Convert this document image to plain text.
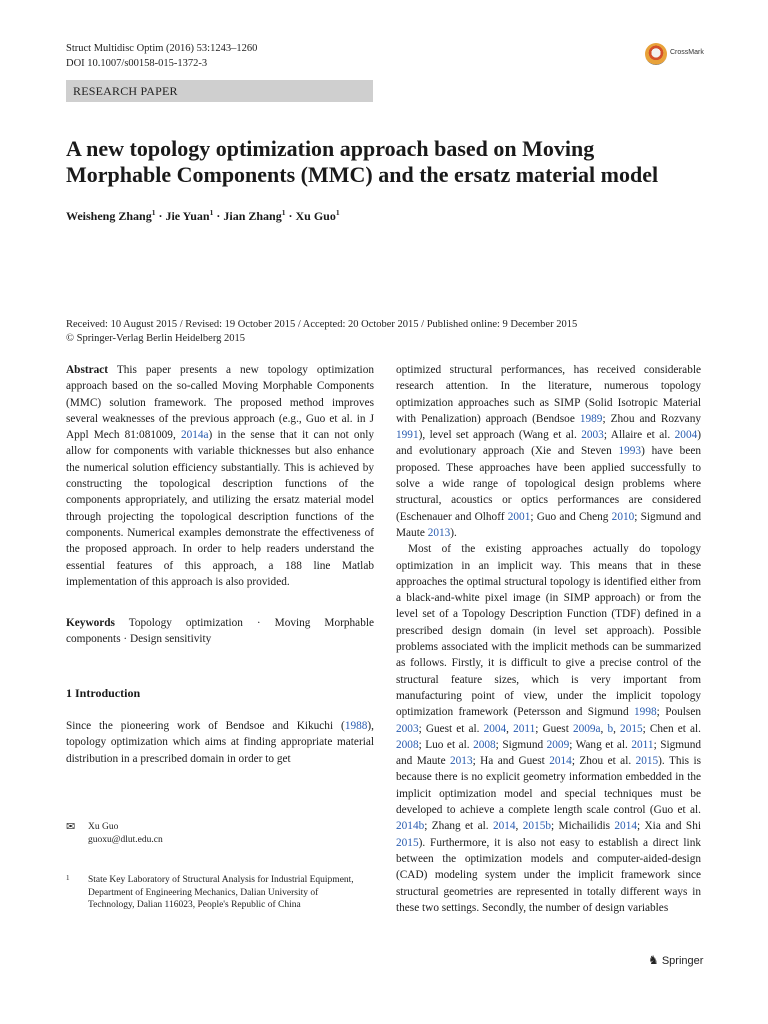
Struct Multidisc Optim (2016) 53:1243–1260
DOI 10.1007/s00158-015-1372-3
CrossMark
RESEARCH PAPER
A new topology optimization approach based on Moving
Morphable Components (MMC) and the ersatz material model
Weisheng Zhang$^1$ · Jie Yuan$^1$ · Jian Zhang$^1$ · Xu Guo$^1$
Received: 10 August 2015 / Revised: 19 October 2015 / Accepted: 20 October 2015 / Published online: 9 December 2015
© Springer-Verlag Berlin Heidelberg 2015

Abstract This paper presents a new topology optimization approach based on the so-called Moving Morphable Components (MMC) solution framework. The proposed method improves several weaknesses of the previous approach (e.g., Guo et al. in J Appl Mech 81:081009, 2014a) in the sense that it can not only allow for components with variable thicknesses but also enhance the numerical solution efficiency substantially. This is achieved by constructing the topological description functions of the components appropriately, and utilizing the ersatz material model through projecting the topological description functions of the components. Numerical examples demonstrate the effectiveness of the proposed approach. In order to help readers understand the essential features of this approach, a 188 line Matlab implementation of this approach is also provided.

Keywords Topology optimization · Moving Morphable components · Design sensitivity

1 Introduction

Since the pioneering work of Bendsoe and Kikuchi (1988), topology optimization which aims at finding appropriate material distribution in a prescribed domain in order to get

✉ Xu Guo
guoxu@dlut.edu.cn
1	State Key Laboratory of Structural Analysis for Industrial Equipment, Department of Engineering Mechanics, Dalian University of Technology, Dalian 116023, People's Republic of China

optimized structural performances, has received considerable research attention. In the literature, numerous topology optimization approaches such as SIMP (Solid Isotropic Material with Penalization) approach (Bendsoe 1989; Zhou and Rozvany 1991), level set approach (Wang et al. 2003; Allaire et al. 2004) and evolutionary approach (Xie and Steven 1993) have been proposed. These approaches have been applied successfully to solve a wide range of topological design problems where structural, acoustics or optics performances are considered (Eschenauer and Olhoff 2001; Guo and Cheng 2010; Sigmund and Maute 2013).

Most of the existing approaches actually do topology optimization in an implicit way. This means that in these approaches the optimal structural topology is identified either from a black-and-white pixel image (in SIMP approach) or from the level set of a Topology Description Function (TDF) defined in a prescribed design domain (in level set approach). Possible problems associated with the implicit methods can be summarized as follows. Firstly, it is difficult to give a precise control of the structural feature sizes, which is very important from manufacturing point of view, under the implicit topology optimization framework (Petersson and Sigmund 1998; Poulsen 2003; Guest et al. 2004, 2011; Guest 2009a, b, 2015; Chen et al. 2008; Luo et al. 2008; Sigmund 2009; Wang et al. 2011; Sigmund and Maute 2013; Ha and Guest 2014; Zhou et al. 2015). This is because there is no explicit geometry information embedded in the implicit optimization model and special techniques must be developed to achieve a complete length scale control (Guo et al. 2014b; Zhang et al. 2014, 2015b; Michailidis 2014; Xia and Shi 2015). Furthermore, it is also not easy to establish a direct link between the optimization models and computer-aided-design (CAD) modeling system under the implicit framework since structural geometries are represented in totally different ways in these two settings. Secondly, the number of design variables

♞ Springer
